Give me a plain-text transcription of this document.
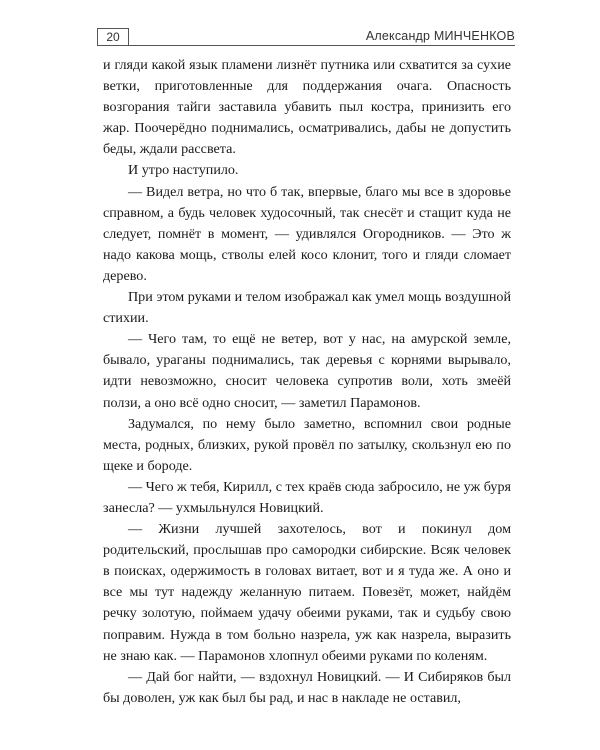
20	Александр МИНЧЕНКОВ

и гляди какой язык пламени лизнёт путника или схватится за сухие ветки, приготовленные для поддержания очага. Опасность возгорания тайги заставила убавить пыл костра, принизить его жар. Поочерёдно поднимались, осматривались, дабы не допустить беды, ждали рассвета.

И утро наступило.

— Видел ветра, но что б так, впервые, благо мы все в здоровье справном, а будь человек худосочный, так снесёт и стащит куда не следует, помнёт в момент, — удивлялся Огородников. — Это ж надо какова мощь, стволы елей косо клонит, того и гляди сломает дерево.

При этом руками и телом изображал как умел мощь воздушной стихии.

— Чего там, то ещё не ветер, вот у нас, на амурской земле, бывало, ураганы поднимались, так деревья с корнями вырывало, идти невозможно, сносит человека супротив воли, хоть змеёй ползи, а оно всё одно сносит, — заметил Парамонов.

Задумался, по нему было заметно, вспомнил свои родные места, родных, близких, рукой провёл по затылку, скользнул ею по щеке и бороде.

— Чего ж тебя, Кирилл, с тех краёв сюда забросило, не уж буря занесла? — ухмыльнулся Новицкий.

— Жизни лучшей захотелось, вот и покинул дом родительский, прослышав про самородки сибирские. Всяк человек в поисках, одержимость в головах витает, вот и я туда же. А оно и все мы тут надежду желанную питаем. Повезёт, может, найдём речку золотую, поймаем удачу обеими руками, так и судьбу свою поправим. Нужда в том больно назрела, уж как назрела, выразить не знаю как. — Парамонов хлопнул обеими руками по коленям.

— Дай бог найти, — вздохнул Новицкий. — И Сибиряков был бы доволен, уж как был бы рад, и нас в накладе не оставил,
